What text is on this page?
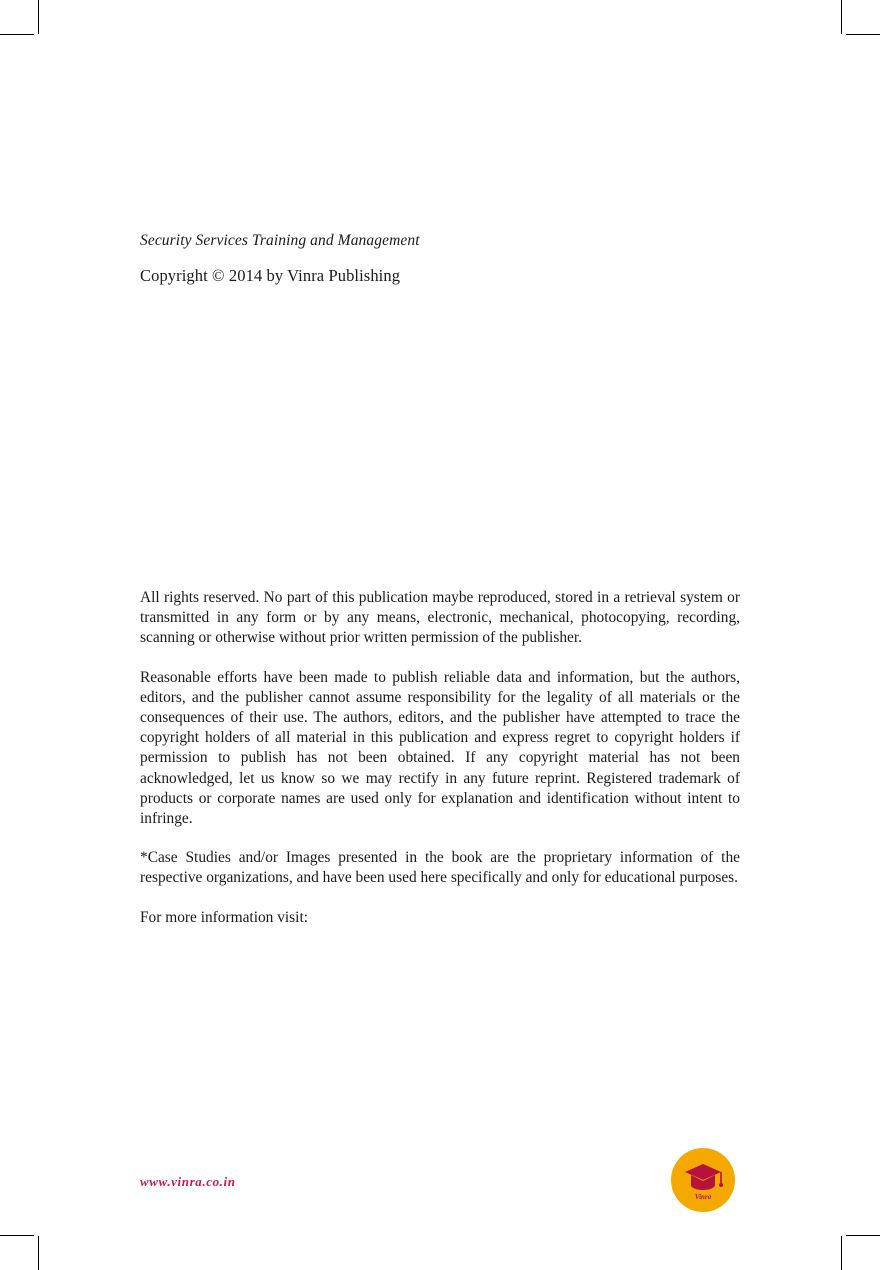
Security Services Training and Management
Copyright © 2014 by Vinra Publishing

All rights reserved. No part of this publication maybe reproduced, stored in a retrieval system or transmitted in any form or by any means, electronic, mechanical, photocopying, recording, scanning or otherwise without prior written permission of the publisher.

Reasonable efforts have been made to publish reliable data and information, but the authors, editors, and the publisher cannot assume responsibility for the legality of all materials or the consequences of their use. The authors, editors, and the publisher have attempted to trace the copyright holders of all material in this publication and express regret to copyright holders if permission to publish has not been obtained. If any copyright material has not been acknowledged, let us know so we may rectify in any future reprint. Registered trademark of products or corporate names are used only for explanation and identification without intent to infringe.

*Case Studies and/or Images presented in the book are the proprietary information of the respective organizations, and have been used here specifically and only for educational purposes.

For more information visit:

www.vinra.co.in
Vinra
